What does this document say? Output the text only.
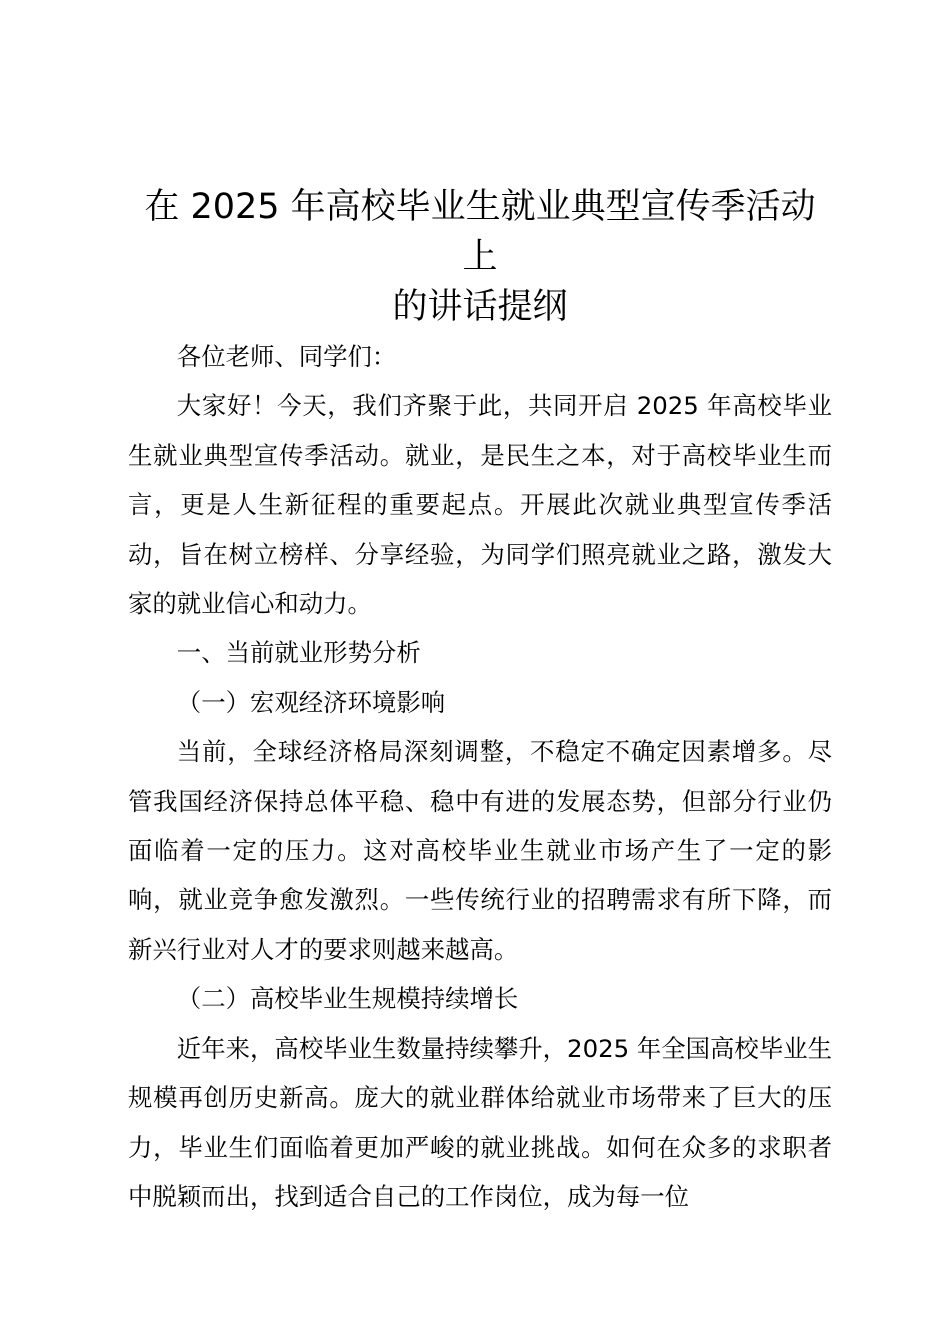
在 2025 年高校毕业生就业典型宣传季活动上
的讲话提纲

各位老师、同学们：

大家好！今天，我们齐聚于此，共同开启 2025 年高校毕业生就业典型宣传季活动。就业，是民生之本，对于高校毕业生而言，更是人生新征程的重要起点。开展此次就业典型宣传季活动，旨在树立榜样、分享经验，为同学们照亮就业之路，激发大家的就业信心和动力。

一、当前就业形势分析

（一）宏观经济环境影响

当前，全球经济格局深刻调整，不稳定不确定因素增多。尽管我国经济保持总体平稳、稳中有进的发展态势，但部分行业仍面临着一定的压力。这对高校毕业生就业市场产生了一定的影响，就业竞争愈发激烈。一些传统行业的招聘需求有所下降，而新兴行业对人才的要求则越来越高。

（二）高校毕业生规模持续增长

近年来，高校毕业生数量持续攀升，2025 年全国高校毕业生规模再创历史新高。庞大的就业群体给就业市场带来了巨大的压力，毕业生们面临着更加严峻的就业挑战。如何在众多的求职者中脱颖而出，找到适合自己的工作岗位，成为每一位
